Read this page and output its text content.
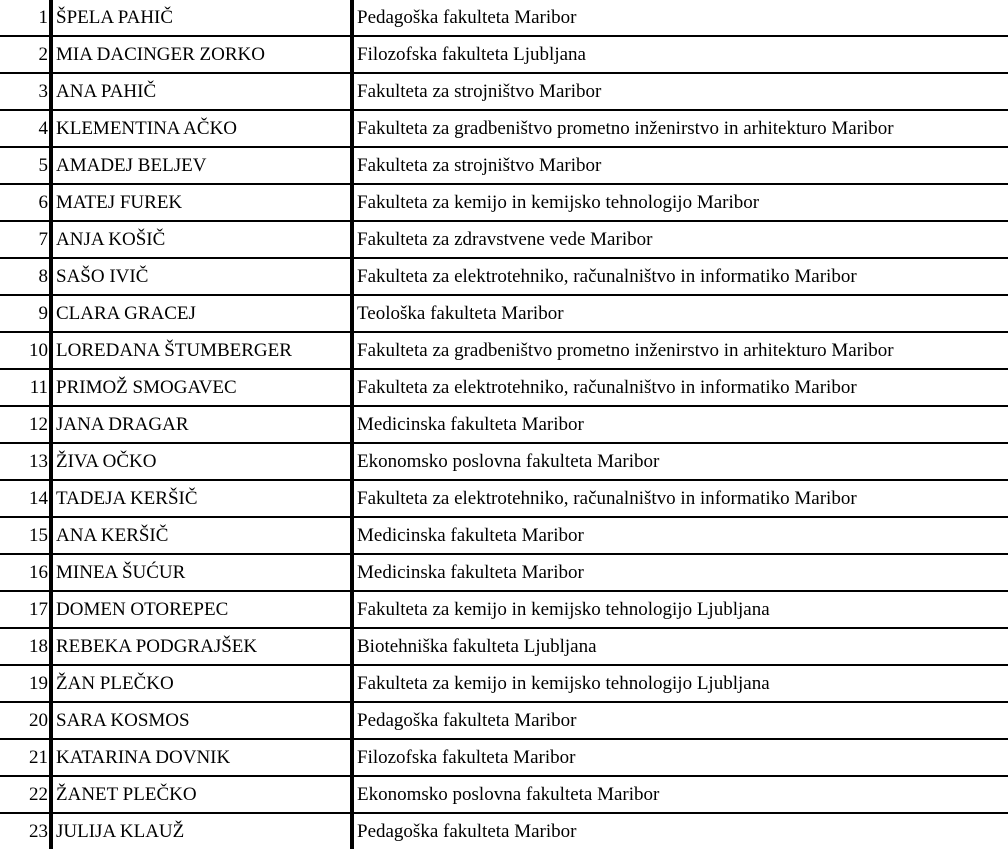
1	ŠPELA PAHIČ	Pedagoška fakulteta Maribor
2	MIA DACINGER ZORKO	Filozofska fakulteta Ljubljana
3	ANA PAHIČ	Fakulteta za strojništvo Maribor
4	KLEMENTINA AČKO	Fakulteta za gradbeništvo prometno inženirstvo in arhitekturo Maribor
5	AMADEJ BELJEV	Fakulteta za strojništvo Maribor
6	MATEJ FUREK	Fakulteta za kemijo in kemijsko tehnologijo Maribor
7	ANJA KOŠIČ	Fakulteta za zdravstvene vede Maribor
8	SAŠO IVIČ	Fakulteta za elektrotehniko, računalništvo in informatiko Maribor
9	CLARA GRACEJ	Teološka fakulteta Maribor
10	LOREDANA ŠTUMBERGER	Fakulteta za gradbeništvo prometno inženirstvo in arhitekturo Maribor
11	PRIMOŽ SMOGAVEC	Fakulteta za elektrotehniko, računalništvo in informatiko Maribor
12	JANA DRAGAR	Medicinska fakulteta Maribor
13	ŽIVA OČKO	Ekonomsko poslovna fakulteta Maribor
14	TADEJA KERŠIČ	Fakulteta za elektrotehniko, računalništvo in informatiko Maribor
15	ANA KERŠIČ	Medicinska fakulteta Maribor
16	MINEA ŠUĆUR	Medicinska fakulteta Maribor
17	DOMEN OTOREPEC	Fakulteta za kemijo in kemijsko tehnologijo Ljubljana
18	REBEKA PODGRAJŠEK	Biotehniška fakulteta Ljubljana
19	ŽAN PLEČKO	Fakulteta za kemijo in kemijsko tehnologijo Ljubljana
20	SARA KOSMOS	Pedagoška fakulteta Maribor
21	KATARINA DOVNIK	Filozofska fakulteta Maribor
22	ŽANET PLEČKO	Ekonomsko poslovna fakulteta Maribor
23	JULIJA KLAUŽ	Pedagoška fakulteta Maribor
